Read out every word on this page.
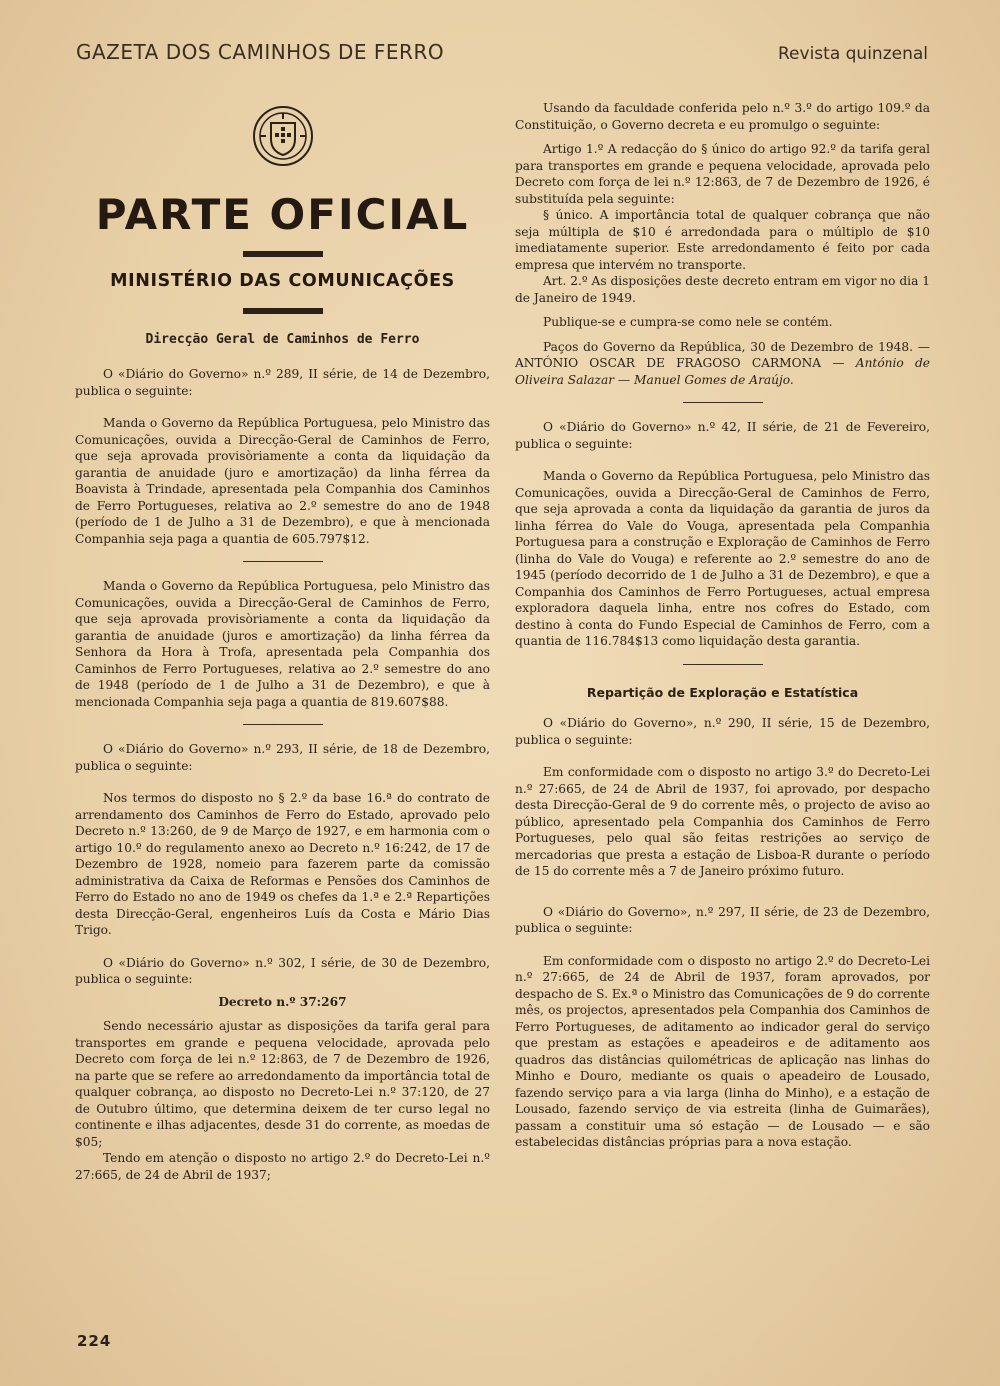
GAZETA DOS CAMINHOS DE FERRO	Revista quinzenal
PARTE OFICIAL
MINISTÉRIO DAS COMUNICAÇÕES
Direcção Geral de Caminhos de Ferro

O «Diário do Governo» n.º 289, II série, de 14 de Dezembro, publica o seguinte:

Manda o Governo da República Portuguesa, pelo Ministro das Comunicações, ouvida a Direcção-Geral de Caminhos de Ferro, que seja aprovada provisòriamente a conta da liquidação da garantia de anuidade (juro e amortização) da linha férrea da Boavista à Trindade, apresentada pela Companhia dos Caminhos de Ferro Portugueses, relativa ao 2.º semestre do ano de 1948 (período de 1 de Julho a 31 de Dezembro), e que à mencionada Companhia seja paga a quantia de 605.797$12.

Manda o Governo da República Portuguesa, pelo Ministro das Comunicações, ouvida a Direcção-Geral de Caminhos de Ferro, que seja aprovada provisòriamente a conta da liquidação da garantia de anuidade (juros e amortização) da linha férrea da Senhora da Hora à Trofa, apresentada pela Companhia dos Caminhos de Ferro Portugueses, relativa ao 2.º semestre do ano de 1948 (período de 1 de Julho a 31 de Dezembro), e que à mencionada Companhia seja paga a quantia de 819.607$88.

O «Diário do Governo» n.º 293, II série, de 18 de Dezembro, publica o seguinte:

Nos termos do disposto no § 2.º da base 16.ª do contrato de arrendamento dos Caminhos de Ferro do Estado, aprovado pelo Decreto n.º 13:260, de 9 de Março de 1927, e em harmonia com o artigo 10.º do regulamento anexo ao Decreto n.º 16:242, de 17 de Dezembro de 1928, nomeio para fazerem parte da comissão administrativa da Caixa de Reformas e Pensões dos Caminhos de Ferro do Estado no ano de 1949 os chefes da 1.ª e 2.ª Repartições desta Direcção-Geral, engenheiros Luís da Costa e Mário Dias Trigo.

O «Diário do Governo» n.º 302, I série, de 30 de Dezembro, publica o seguinte:

Decreto n.º 37:267

Sendo necessário ajustar as disposições da tarifa geral para transportes em grande e pequena velocidade, aprovada pelo Decreto com força de lei n.º 12:863, de 7 de Dezembro de 1926, na parte que se refere ao arredondamento da importância total de qualquer cobrança, ao disposto no Decreto-Lei n.º 37:120, de 27 de Outubro último, que determina deixem de ter curso legal no continente e ilhas adjacentes, desde 31 do corrente, as moedas de $05;

Tendo em atenção o disposto no artigo 2.º do Decreto-Lei n.º 27:665, de 24 de Abril de 1937;

Usando da faculdade conferida pelo n.º 3.º do artigo 109.º da Constituição, o Governo decreta e eu promulgo o seguinte:

Artigo 1.º A redacção do § único do artigo 92.º da tarifa geral para transportes em grande e pequena velocidade, aprovada pelo Decreto com força de lei n.º 12:863, de 7 de Dezembro de 1926, é substituída pela seguinte:

§ único. A importância total de qualquer cobrança que não seja múltipla de $10 é arredondada para o múltiplo de $10 imediatamente superior. Este arredondamento é feito por cada empresa que intervém no transporte.

Art. 2.º As disposições deste decreto entram em vigor no dia 1 de Janeiro de 1949.

Publique-se e cumpra-se como nele se contém.

Paços do Governo da República, 30 de Dezembro de 1948. — ANTÓNIO OSCAR DE FRAGOSO CARMONA — António de Oliveira Salazar — Manuel Gomes de Araújo.

O «Diário do Governo» n.º 42, II série, de 21 de Fevereiro, publica o seguinte:

Manda o Governo da República Portuguesa, pelo Ministro das Comunicações, ouvida a Direcção-Geral de Caminhos de Ferro, que seja aprovada a conta da liquidação da garantia de juros da linha férrea do Vale do Vouga, apresentada pela Companhia Portuguesa para a construção e Exploração de Caminhos de Ferro (linha do Vale do Vouga) e referente ao 2.º semestre do ano de 1945 (período decorrido de 1 de Julho a 31 de Dezembro), e que a Companhia dos Caminhos de Ferro Portugueses, actual empresa exploradora daquela linha, entre nos cofres do Estado, com destino à conta do Fundo Especial de Caminhos de Ferro, com a quantia de 116.784$13 como liquidação desta garantia.

Repartição de Exploração e Estatística

O «Diário do Governo», n.º 290, II série, 15 de Dezembro, publica o seguinte:

Em conformidade com o disposto no artigo 3.º do Decreto-Lei n.º 27:665, de 24 de Abril de 1937, foi aprovado, por despacho desta Direcção-Geral de 9 do corrente mês, o projecto de aviso ao público, apresentado pela Companhia dos Caminhos de Ferro Portugueses, pelo qual são feitas restrições ao serviço de mercadorias que presta a estação de Lisboa-R durante o período de 15 do corrente mês a 7 de Janeiro próximo futuro.

O «Diário do Governo», n.º 297, II série, de 23 de Dezembro, publica o seguinte:

Em conformidade com o disposto no artigo 2.º do Decreto-Lei n.º 27:665, de 24 de Abril de 1937, foram aprovados, por despacho de S. Ex.ª o Ministro das Comunicações de 9 do corrente mês, os projectos, apresentados pela Companhia dos Caminhos de Ferro Portugueses, de aditamento ao indicador geral do serviço que prestam as estações e apeadeiros e de aditamento aos quadros das distâncias quilométricas de aplicação nas linhas do Minho e Douro, mediante os quais o apeadeiro de Lousado, fazendo serviço para a via larga (linha do Minho), e a estação de Lousado, fazendo serviço de via estreita (linha de Guimarães), passam a constituir uma só estação — de Lousado — e são estabelecidas distâncias próprias para a nova estação.

224
